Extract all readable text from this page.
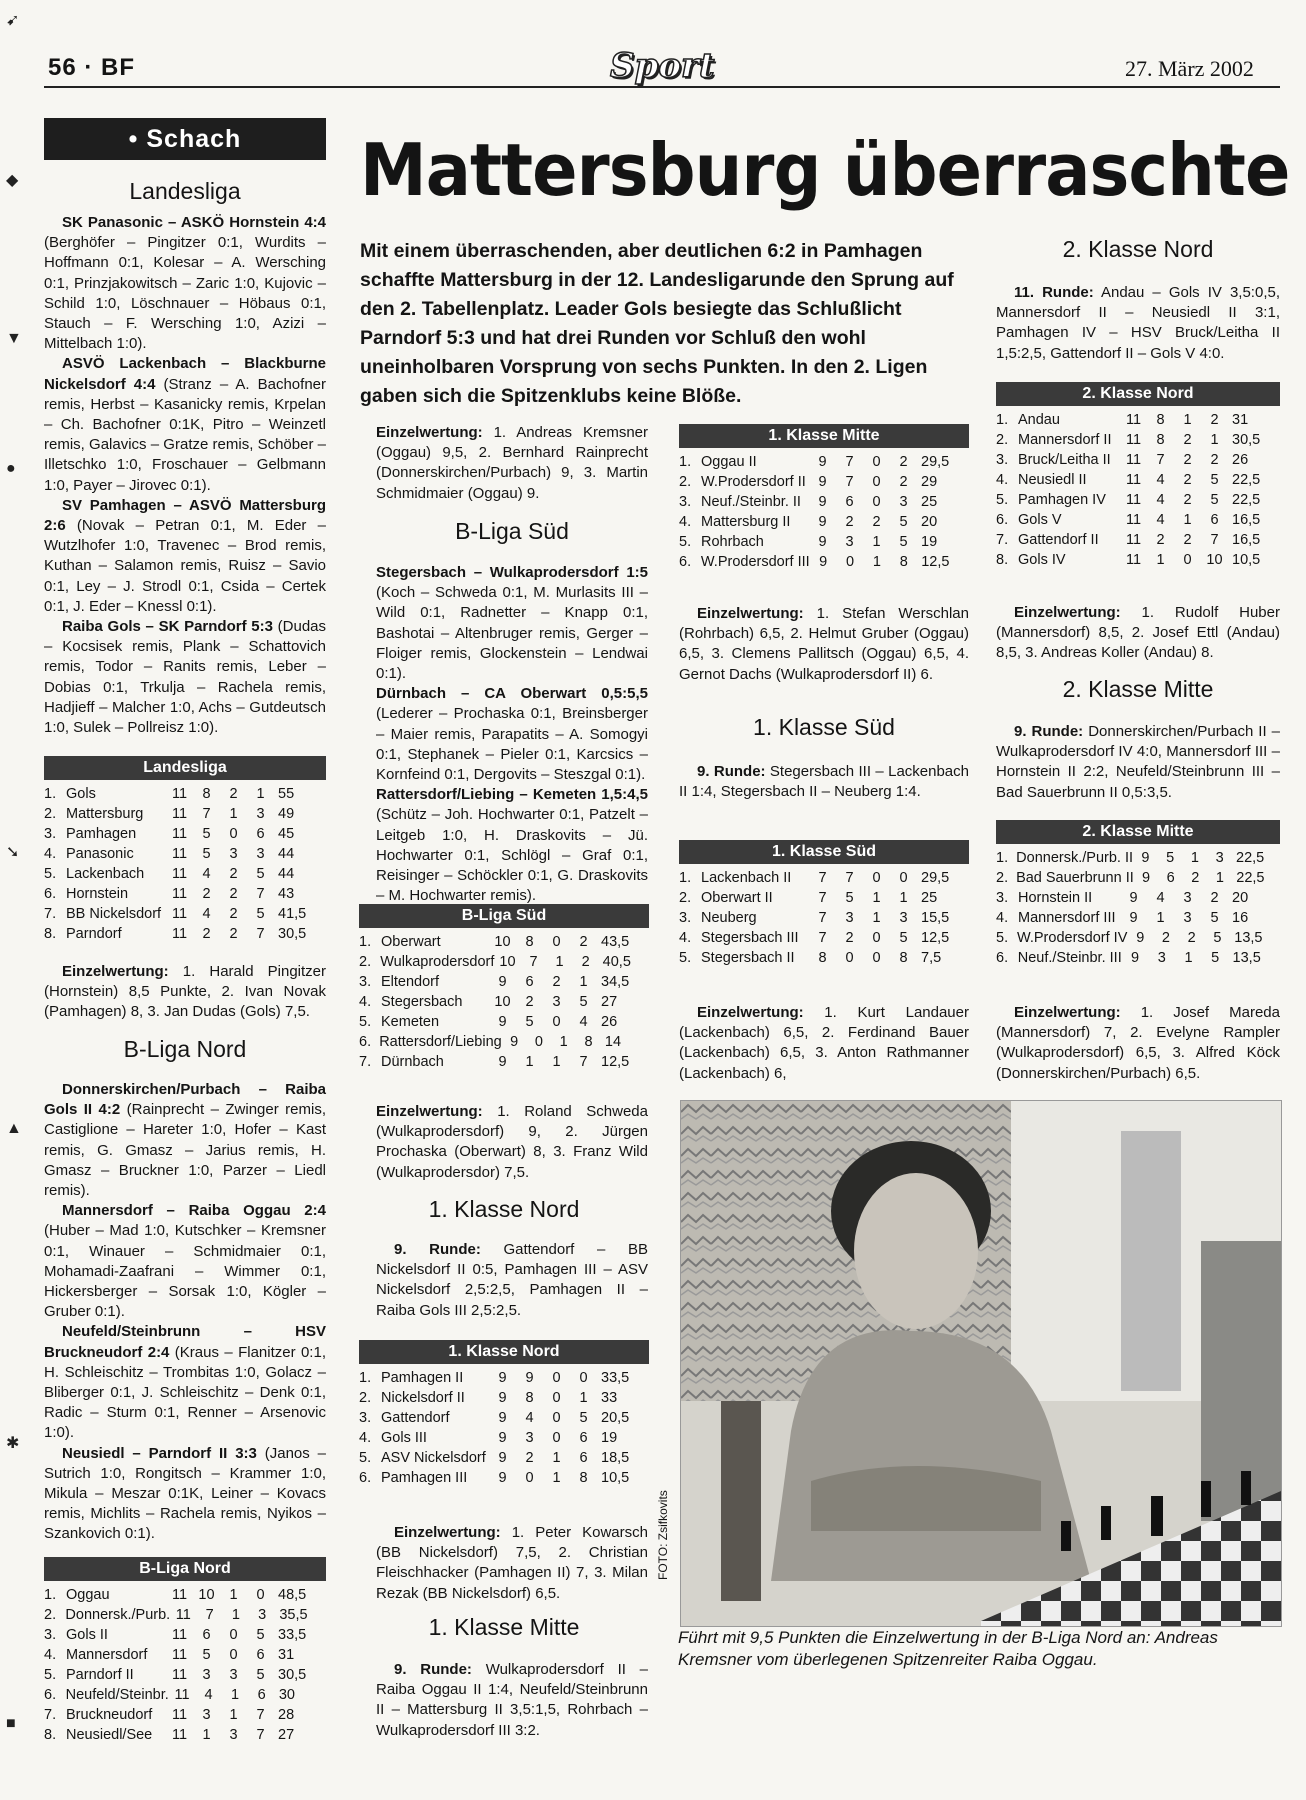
➹
◆
▼
●
➘
▲
✱
■
56 · BF	Sport	27. März 2002
• Schach	Mattersburg überraschte
Mit einem überraschenden, aber deutlichen 6:2 in Pamhagen schaffte Mattersburg in der 12. Landesligarunde den Sprung auf den 2. Tabellenplatz. Leader Gols besiegte das Schlußlicht Parndorf 5:3 und hat drei Runden vor Schluß den wohl uneinholbaren Vorsprung von sechs Punkten. In den 2. Ligen gaben sich die Spitzenklubs keine Blöße.
Landesliga
SK Panasonic – ASKÖ Hornstein 4:4 (Berghöfer – Pingitzer 0:1, Wurdits – Hoffmann 0:1, Kolesar – A. Wersching 0:1, Prinzjakowitsch – Zaric 1:0, Kujovic – Schild 1:0, Löschnauer – Höbaus 0:1, Stauch – F. Wersching 1:0, Azizi – Mittelbach 1:0).
ASVÖ Lackenbach – Blackburne Nickelsdorf 4:4 (Stranz – A. Bachofner remis, Herbst – Kasanicky remis, Krpelan – Ch. Bachofner 0:1K, Pitro – Weinzetl remis, Galavics – Gratze remis, Schöber – Illetschko 1:0, Froschauer – Gelbmann 1:0, Payer – Jirovec 0:1).
SV Pamhagen – ASVÖ Mattersburg 2:6 (Novak – Petran 0:1, M. Eder – Wutzlhofer 1:0, Travenec – Brod remis, Kuthan – Salamon remis, Ruisz – Savio 0:1, Ley – J. Strodl 0:1, Csida – Certek 0:1, J. Eder – Knessl 0:1).
Raiba Gols – SK Parndorf 5:3 (Dudas – Kocsisek remis, Plank – Schattovich remis, Todor – Ranits remis, Leber – Dobias 0:1, Trkulja – Rachela remis, Hadjieff – Malcher 1:0, Achs – Gutdeutsch 1:0, Sulek – Pollreisz 1:0).
Landesliga
1. Gols	11	8	2	1 55
2. Mattersburg	11	7	1	3 49
3. Pamhagen	11	5	0	6 45
4. Panasonic	11	5	3	3 44
5. Lackenbach	11	4	2	5 44
6. Hornstein	11	2	2	7 43
7. BB Nickelsdorf 11	4	2	5 41,5
8. Parndorf	11	2	2	7 30,5
Einzelwertung: 1. Harald Pingitzer (Hornstein) 8,5 Punkte, 2. Ivan Novak (Pamhagen) 8, 3. Jan Dudas (Gols) 7,5.
B-Liga Nord
Donnerskirchen/Purbach – Raiba Gols II 4:2 (Rainprecht – Zwinger remis, Castiglione – Hareter 1:0, Hofer – Kast remis, G. Gmasz – Jarius remis, H. Gmasz – Bruckner 1:0, Parzer – Liedl remis).
Mannersdorf – Raiba Oggau 2:4 (Huber – Mad 1:0, Kutschker – Kremsner 0:1, Winauer – Schmidmaier 0:1, Mohamadi-Zaafrani – Wimmer 0:1, Hickersberger – Sorsak 1:0, Kögler – Gruber 0:1).
Neufeld/Steinbrunn – HSV Bruckneudorf 2:4 (Kraus – Flanitzer 0:1, H. Schleischitz – Trombitas 1:0, Golacz – Bliberger 0:1, J. Schleischitz – Denk 0:1, Radic – Sturm 0:1, Renner – Arsenovic 1:0).
Neusiedl – Parndorf II 3:3 (Janos – Sutrich 1:0, Rongitsch – Krammer 1:0, Mikula – Meszar 0:1K, Leiner – Kovacs remis, Michlits – Rachela remis, Nyikos – Szankovich 0:1).
B-Liga Nord
1. Oggau	11 10	1	0 48,5
2. Donnersk./Purb. 11	7	1	3 35,5
3. Gols II	11	6	0	5 33,5
4. Mannersdorf	11	5	0	6 31
5. Parndorf II	11	3	3	5 30,5
6. Neufeld/Steinbr. 11	4	1	6 30
7. Bruckneudorf	11	3	1	7 28
8. Neusiedl/See	11	1	3	7 27
Einzelwertung: 1. Andreas Kremsner (Oggau) 9,5, 2. Bernhard Rainprecht (Donnerskirchen/Purbach) 9, 3. Martin Schmidmaier (Oggau) 9.
B-Liga Süd
Stegersbach – Wulkaprodersdorf 1:5 (Koch – Schweda 0:1, M. Murlasits III – Wild 0:1, Radnetter – Knapp 0:1, Bashotai – Altenbruger remis, Gerger – Floiger remis, Glockenstein – Lendwai 0:1).
Dürnbach – CA Oberwart 0,5:5,5 (Lederer – Prochaska 0:1, Breinsberger – Maier remis, Parapatits – A. Somogyi 0:1, Stephanek – Pieler 0:1, Karcsics – Kornfeind 0:1, Dergovits – Steszgal 0:1).
Rattersdorf/Liebing – Kemeten 1,5:4,5 (Schütz – Joh. Hochwarter 0:1, Patzelt – Leitgeb 1:0, H. Draskovits – Jü. Hochwarter 0:1, Schlögl – Graf 0:1, Reisinger – Schöckler 0:1, G. Draskovits – M. Hochwarter remis).
B-Liga Süd
1. Oberwart	10	8	0	2 43,5
2. Wulkaprodersdorf 10 7	1	2 40,5
3. Eltendorf	9	6	2	1 34,5
4. Stegersbach	10	2	3	5 27
5. Kemeten	9	5	0	4 26
6. Rattersdorf/Liebing 9	0	1	8 14
7. Dürnbach	9	1	1	7 12,5
Einzelwertung: 1. Roland Schweda (Wulkaprodersdorf) 9, 2. Jürgen Prochaska (Oberwart) 8, 3. Franz Wild (Wulkaprodersdor) 7,5.
1. Klasse Nord
9. Runde: Gattendorf – BB Nickelsdorf II 0:5, Pamhagen III – ASV Nickelsdorf 2,5:2,5, Pamhagen II – Raiba Gols III 2,5:2,5.
1. Klasse Nord
1. Pamhagen II	9	9	0	0 33,5
2. Nickelsdorf II	9	8	0	1 33
3. Gattendorf	9	4	0	5 20,5
4. Gols III	9	3	0	6 19
5. ASV Nickelsdorf 9	2	1	6 18,5
6. Pamhagen III	9	0	1	8 10,5
Einzelwertung: 1. Peter Kowarsch (BB Nickelsdorf) 7,5, 2. Christian Fleischhacker (Pamhagen II) 7, 3. Milan Rezak (BB Nickelsdorf) 6,5.
1. Klasse Mitte
9. Runde: Wulkaprodersdorf II – Raiba Oggau II 1:4, Neufeld/Steinbrunn II – Mattersburg II 3,5:1,5, Rohrbach – Wulkaprodersdorf III 3:2.
1. Klasse Mitte
1. Oggau II	9	7	0	2 29,5
2. W.Prodersdorf II 9	7	0	2 29
3. Neuf./Steinbr. II	9	6	0	3 25
4. Mattersburg II	9	2	2	5 20
5. Rohrbach	9	3	1	5 19
6. W.Prodersdorf III 9	0	1	8 12,5
Einzelwertung: 1. Stefan Werschlan (Rohrbach) 6,5, 2. Helmut Gruber (Oggau) 6,5, 3. Clemens Pallitsch (Oggau) 6,5, 4. Gernot Dachs (Wulkaprodersdorf II) 6.
1. Klasse Süd
9. Runde: Stegersbach III – Lackenbach II 1:4, Stegersbach II – Neuberg 1:4.
1. Klasse Süd
1. Lackenbach II	7	7	0	0 29,5
2. Oberwart II	7	5	1	1 25
3. Neuberg	7	3	1	3 15,5
4. Stegersbach III	7	2	0	5 12,5
5. Stegersbach II	8	0	0	8 7,5
Einzelwertung: 1. Kurt Landauer (Lackenbach) 6,5, 2. Ferdinand Bauer (Lackenbach) 6,5, 3. Anton Rathmanner (Lackenbach) 6,
2. Klasse Nord
11. Runde: Andau – Gols IV 3,5:0,5, Mannersdorf II – Neusiedl II 3:1, Pamhagen IV – HSV Bruck/Leitha II 1,5:2,5, Gattendorf II – Gols V 4:0.
2. Klasse Nord
1. Andau	11	8	1	2 31
2. Mannersdorf II 11	8	2	1 30,5
3. Bruck/Leitha II	11	7	2	2 26
4. Neusiedl II	11	4	2	5 22,5
5. Pamhagen IV	11	4	2	5 22,5
6. Gols V	11	4	1	6 16,5
7. Gattendorf II	11	2	2	7 16,5
8. Gols IV	11	1	0	10 10,5
Einzelwertung: 1. Rudolf Huber (Mannersdorf) 8,5, 2. Josef Ettl (Andau) 8,5, 3. Andreas Koller (Andau) 8.
2. Klasse Mitte
9. Runde: Donnerskirchen/Purbach II – Wulkaprodersdorf IV 4:0, Mannersdorf III – Hornstein II 2:2, Neufeld/Steinbrunn III – Bad Sauerbrunn II 0,5:3,5.
2. Klasse Mitte
1. Donnersk./Purb. II 9	5	1	3 22,5
2. Bad Sauerbrunn II 9	6	2	1 22,5
3. Hornstein II	9	4	3	2 20
4. Mannersdorf III 9	1	3	5 16
5. W.Prodersdorf IV 9	2	2	5 13,5
6. Neuf./Steinbr. III 9	3	1	5 13,5
Einzelwertung: 1. Josef Mareda (Mannersdorf) 7, 2. Evelyne Rampler (Wulkaprodersdorf) 6,5, 3. Alfred Köck (Donnerskirchen/Purbach) 6,5.
FOTO: Zsifkovits
Führt mit 9,5 Punkten die Einzelwertung in der B-Liga Nord an: Andreas Kremsner vom überlegenen Spitzenreiter Raiba Oggau.
